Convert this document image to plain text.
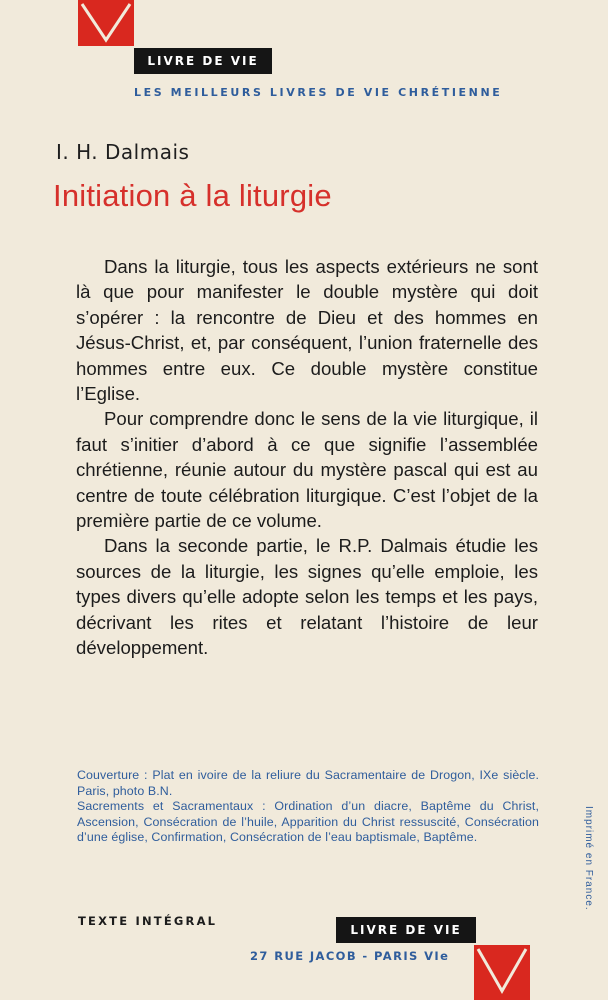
LIVRE DE VIE
LES MEILLEURS LIVRES DE VIE CHRÉTIENNE
I. H. Dalmais
Initiation à la liturgie

Dans la liturgie, tous les aspects extérieurs ne sont là que pour manifester le double mystère qui doit s’opérer : la rencontre de Dieu et des hommes en Jésus-Christ, et, par conséquent, l’union fraternelle des hommes entre eux. Ce double mystère constitue l’Eglise.

Pour comprendre donc le sens de la vie liturgique, il faut s’initier d’abord à ce que signifie l’assemblée chrétienne, réunie autour du mystère pascal qui est au centre de toute célébration liturgique. C’est l’objet de la première partie de ce volume.

Dans la seconde partie, le R.P. Dalmais étudie les sources de la liturgie, les signes qu’elle emploie, les types divers qu’elle adopte selon les temps et les pays, décrivant les rites et relatant l’histoire de leur développement.

Couverture : Plat en ivoire de la reliure du Sacramentaire de Drogon, IXe siècle. Paris, photo B.N.

Sacrements et Sacramentaux : Ordination d’un diacre, Baptême du Christ, Ascension, Consécration de l’huile, Apparition du Christ ressuscité, Consécration d’une église, Confirmation, Consécration de l’eau baptismale, Baptême.	Imprimé en France.
TEXTE INTÉGRAL
LIVRE DE VIE
27 RUE JACOB - PARIS VIe
